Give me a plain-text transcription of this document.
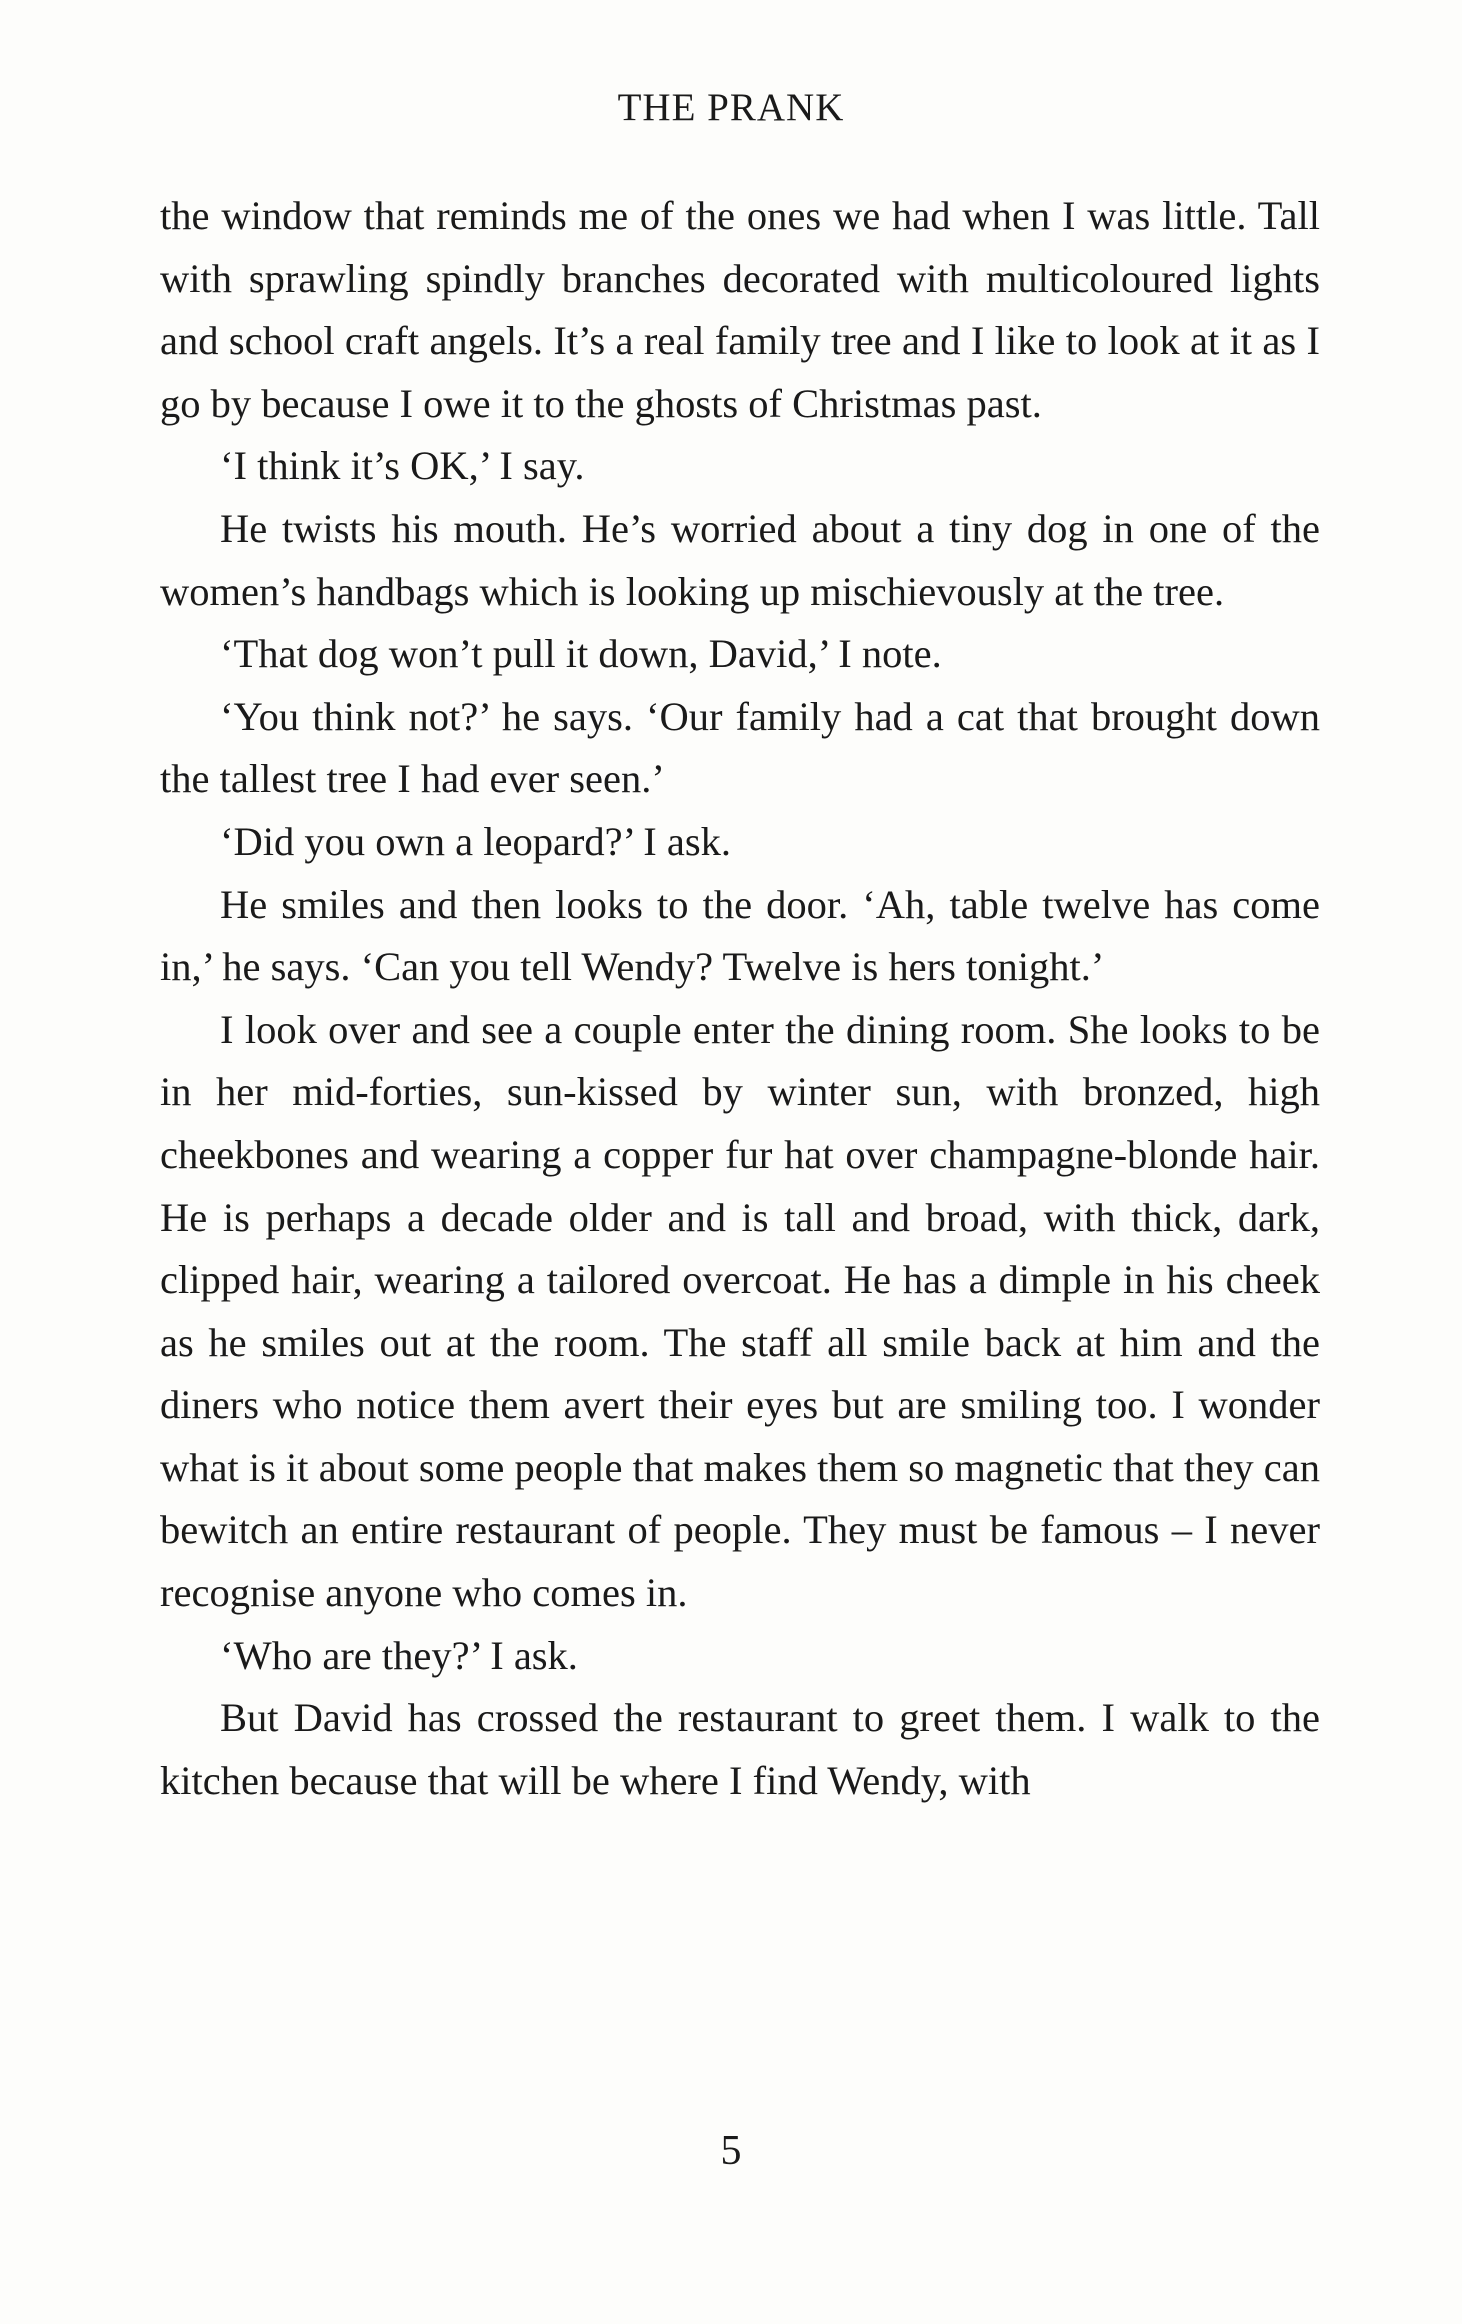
THE PRANK

the window that reminds me of the ones we had when I was little. Tall with sprawling spindly branches decorated with multicoloured lights and school craft angels. It’s a real family tree and I like to look at it as I go by because I owe it to the ghosts of Christmas past.

‘I think it’s OK,’ I say.

He twists his mouth. He’s worried about a tiny dog in one of the women’s handbags which is looking up mischievously at the tree.

‘That dog won’t pull it down, David,’ I note.

‘You think not?’ he says. ‘Our family had a cat that brought down the tallest tree I had ever seen.’

‘Did you own a leopard?’ I ask.

He smiles and then looks to the door. ‘Ah, table twelve has come in,’ he says. ‘Can you tell Wendy? Twelve is hers tonight.’

I look over and see a couple enter the dining room. She looks to be in her mid-forties, sun-kissed by winter sun, with bronzed, high cheekbones and wearing a copper fur hat over champagne-blonde hair. He is perhaps a decade older and is tall and broad, with thick, dark, clipped hair, wearing a tailored overcoat. He has a dimple in his cheek as he smiles out at the room. The staff all smile back at him and the diners who notice them avert their eyes but are smiling too. I wonder what is it about some people that makes them so magnetic that they can bewitch an entire restaurant of people. They must be famous – I never recognise anyone who comes in.

‘Who are they?’ I ask.

But David has crossed the restaurant to greet them. I walk to the kitchen because that will be where I find Wendy, with

5
